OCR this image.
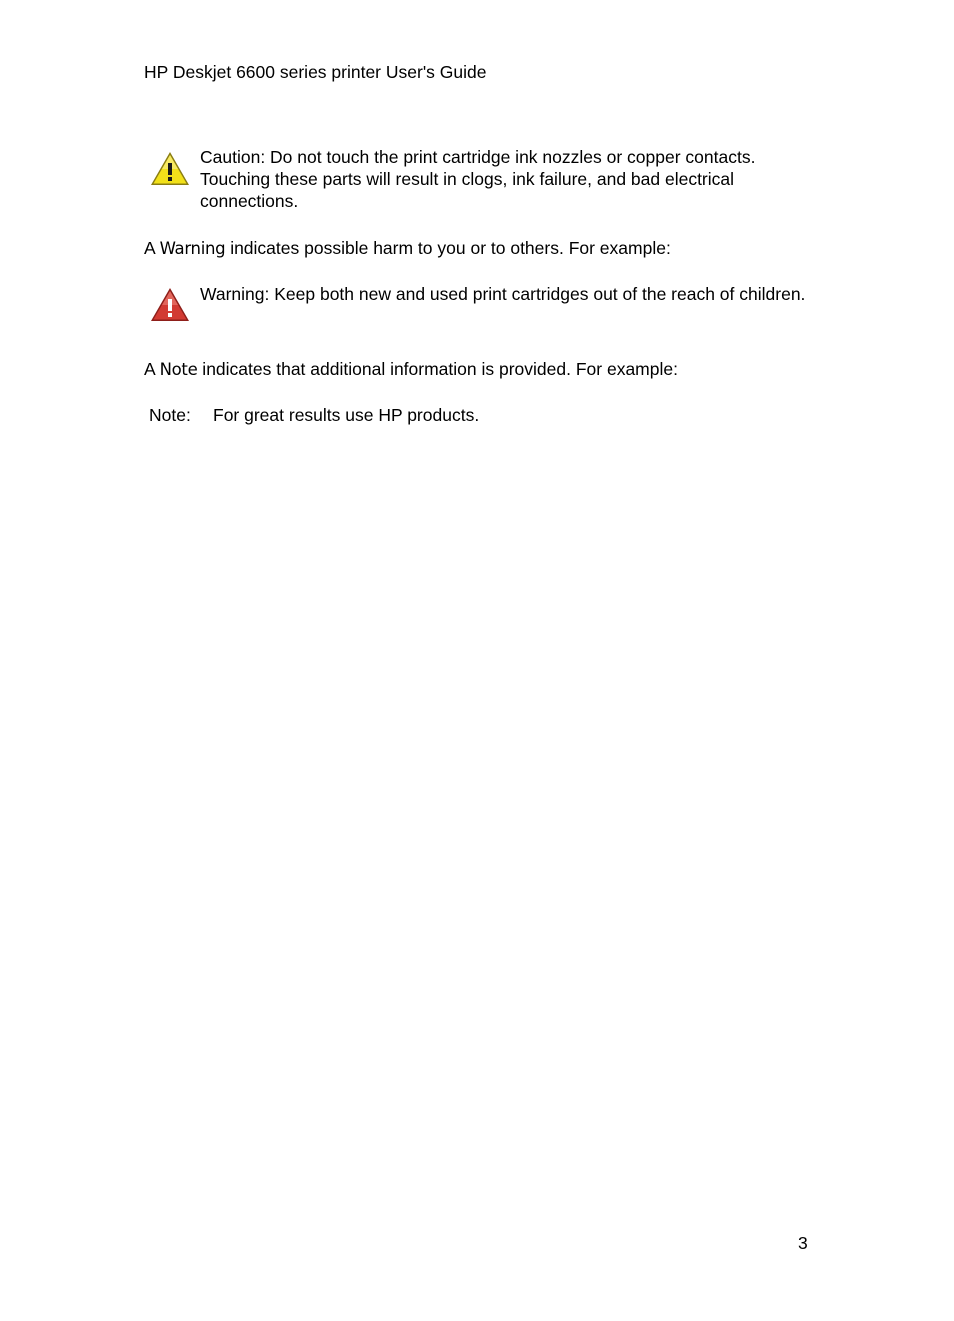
HP Deskjet 6600 series printer User's Guide
Caution: Do not touch the print cartridge ink nozzles or copper contacts. Touching these parts will result in clogs, ink failure, and bad electrical connections.
A Warning indicates possible harm to you or to others. For example:
Warning: Keep both new and used print cartridges out of the reach of children.
A Note indicates that additional information is provided. For example:
Note: For great results use HP products.
3
